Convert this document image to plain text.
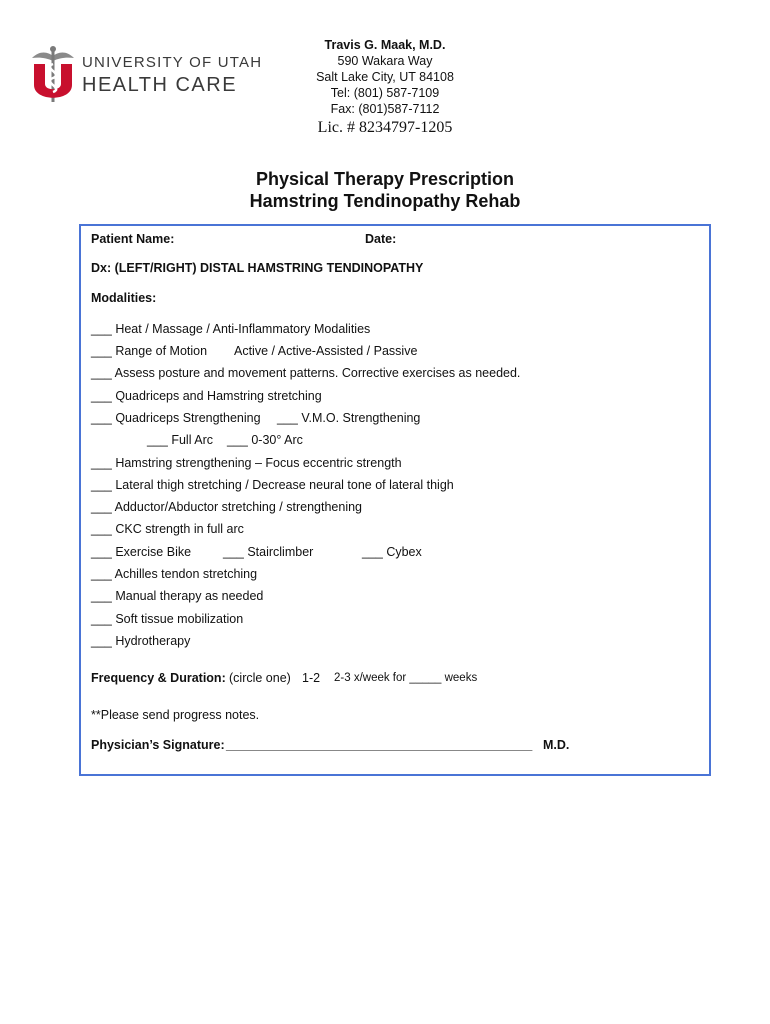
UNIVERSITY OF UTAH
HEALTH CARE
Travis G. Maak, M.D.
590 Wakara Way
Salt Lake City, UT 84108
Tel: (801) 587-7109
Fax: (801)587-7112
Lic. # 8234797-1205
Physical Therapy Prescription
Hamstring Tendinopathy Rehab
Patient Name:	Date:
Dx: (LEFT/RIGHT) DISTAL HAMSTRING TENDINOPATHY
Modalities:
___ Heat / Massage / Anti-Inflammatory Modalities
___ Range of Motion Active / Active-Assisted / Passive
___ Assess posture and movement patterns. Corrective exercises as needed.
___ Quadriceps and Hamstring stretching
___ Quadriceps Strengthening ___ V.M.O. Strengthening
___ Full Arc ___ 0-30° Arc
___ Hamstring strengthening – Focus eccentric strength
___ Lateral thigh stretching / Decrease neural tone of lateral thigh
___ Adductor/Abductor stretching / strengthening
___ CKC strength in full arc
___ Exercise Bike	___ Stairclimber	___ Cybex
___ Achilles tendon stretching
___ Manual therapy as needed
___ Soft tissue mobilization
___ Hydrotherapy
Frequency & Duration: (circle one) 1-2 2-3 x/week for _____ weeks
**Please send progress notes.
Physician’s Signature: ______________________________________________ M.D.
